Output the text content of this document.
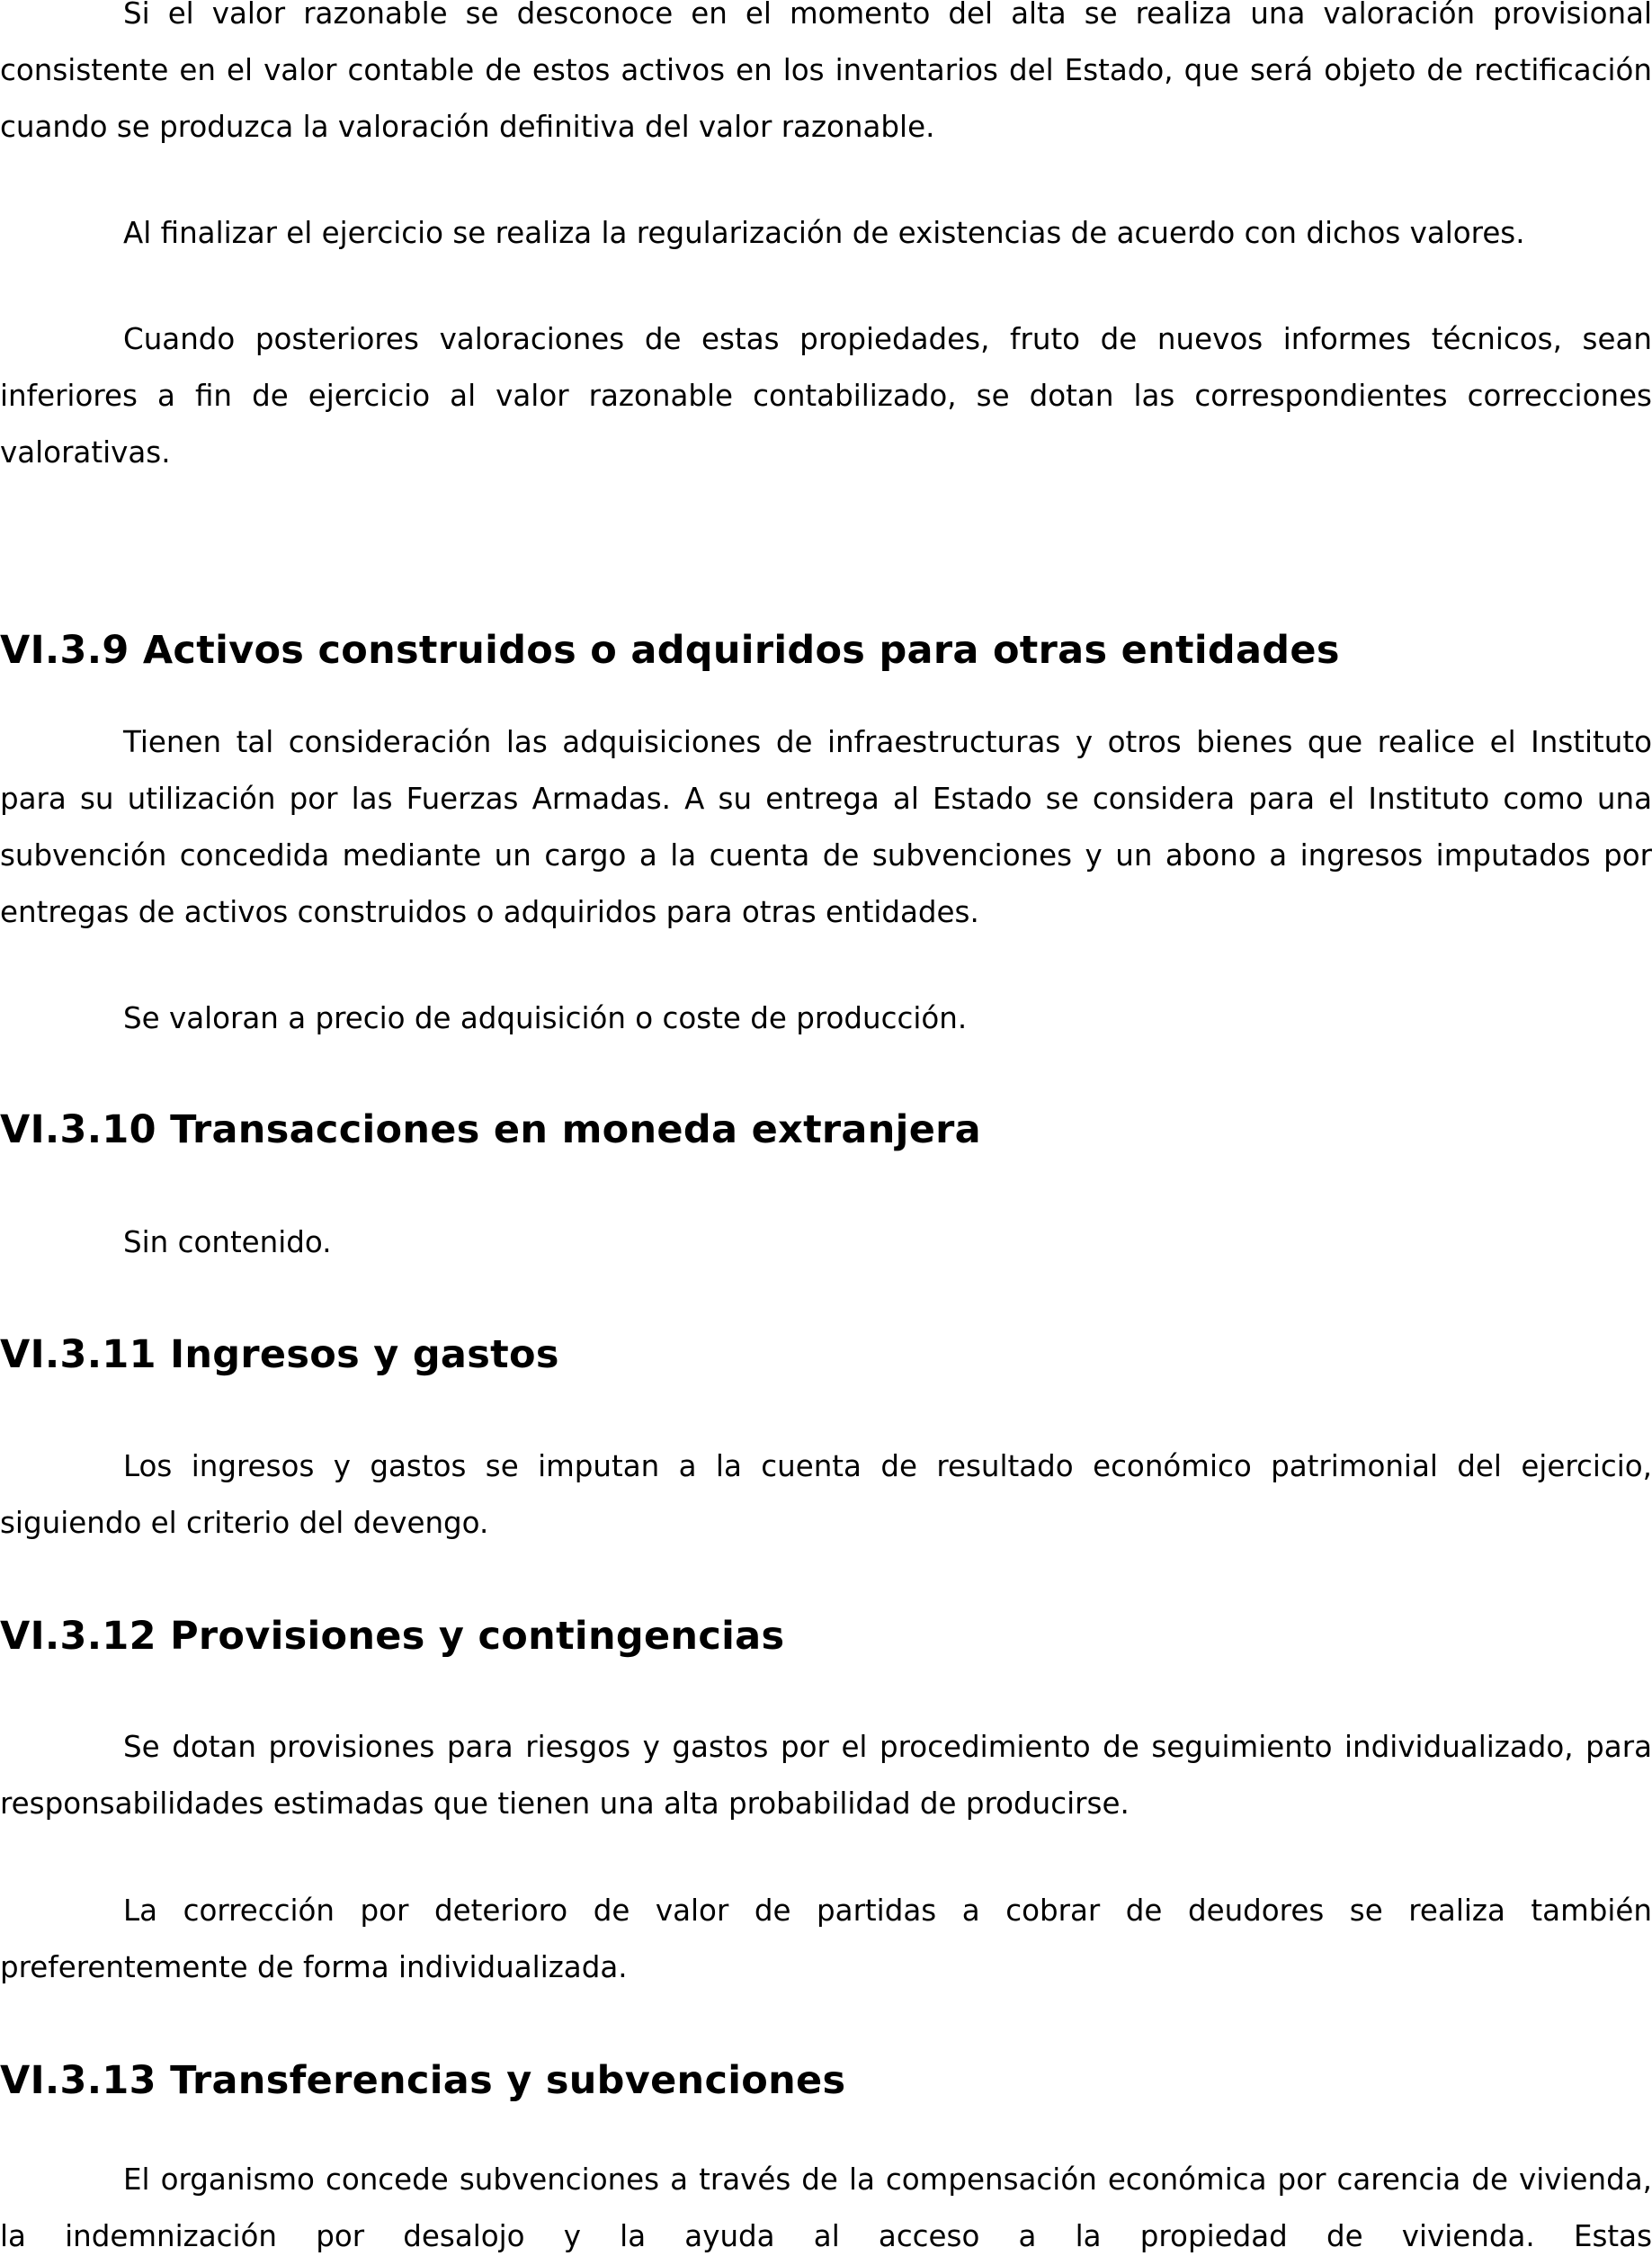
Si el valor razonable se desconoce en el momento del alta se realiza una valoración provisional consistente en el valor contable de estos activos en los inventarios del Estado, que será objeto de rectificación cuando se produzca la valoración definitiva del valor razonable.

Al finalizar el ejercicio se realiza la regularización de existencias de acuerdo con dichos valores.

Cuando posteriores valoraciones de estas propiedades, fruto de nuevos informes técnicos, sean inferiores a fin de ejercicio al valor razonable contabilizado, se dotan las correspondientes correcciones valorativas.

VI.3.9 Activos construidos o adquiridos para otras entidades

Tienen tal consideración las adquisiciones de infraestructuras y otros bienes que realice el Instituto para su utilización por las Fuerzas Armadas. A su entrega al Estado se considera para el Instituto como una subvención concedida mediante un cargo a la cuenta de subvenciones y un abono a ingresos imputados por entregas de activos construidos o adquiridos para otras entidades.

Se valoran a precio de adquisición o coste de producción.

VI.3.10 Transacciones en moneda extranjera

Sin contenido.

VI.3.11 Ingresos y gastos

Los ingresos y gastos se imputan a la cuenta de resultado económico patrimonial del ejercicio, siguiendo el criterio del devengo.

VI.3.12 Provisiones y contingencias

Se dotan provisiones para riesgos y gastos por el procedimiento de seguimiento individualizado, para responsabilidades estimadas que tienen una alta probabilidad de producirse.

La corrección por deterioro de valor de partidas a cobrar de deudores se realiza también preferentemente de forma individualizada.

VI.3.13 Transferencias y subvenciones

El organismo concede subvenciones a través de la compensación económica por carencia de vivienda, la indemnización por desalojo y la ayuda al acceso a la propiedad de vivienda. Estas
